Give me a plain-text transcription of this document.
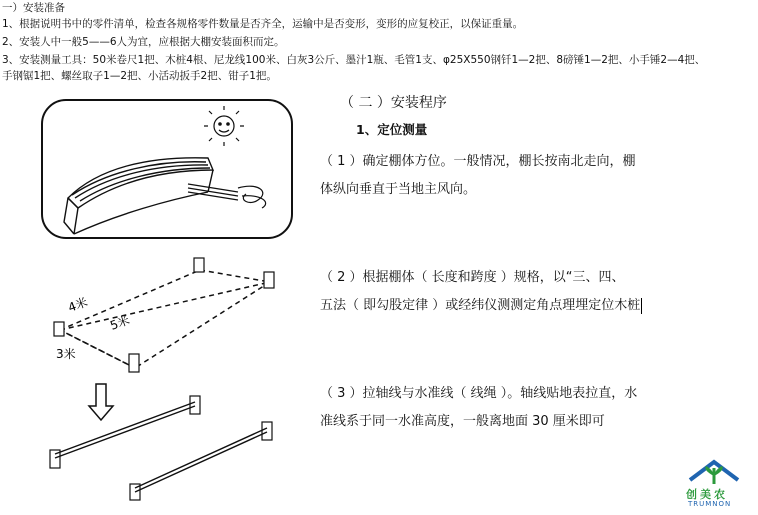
一）安装准备
1、根据说明书中的零件清单，检查各规格零件数量是否齐全，运输中是否变形，变形的应复校正，以保证重量。
2、安装人中一般5——6人为宜，应根据大棚安装面积而定。
3、安装测量工具：50米卷尺1把、木桩4根、尼龙线100米、白灰3公斤、墨汁1瓶、毛管1支、φ25X550钢钎1—2把、8磅锤1—2把、小手锤2—4把、
手钢锯1把、螺丝取子1—2把、小活动扳手2把、钳子1把。
（ 二 ）安装程序
1、定位测量
（ 1 ）确定棚体方位。一般情况，棚长按南北走向，棚
体纵向垂直于当地主风向。
（ 2 ）根据棚体（ 长度和跨度 ）规格，以“三、四、
五法（ 即勾股定律 ）或经纬仪测测定角点理埋定位木桩
（ 3 ）拉轴线与水准线（ 线绳 ）。轴线贴地表拉直，水
准线系于同一水准高度，一般离地面 30 厘米即可
4米
5米
3米
创美农
TRUMNON
